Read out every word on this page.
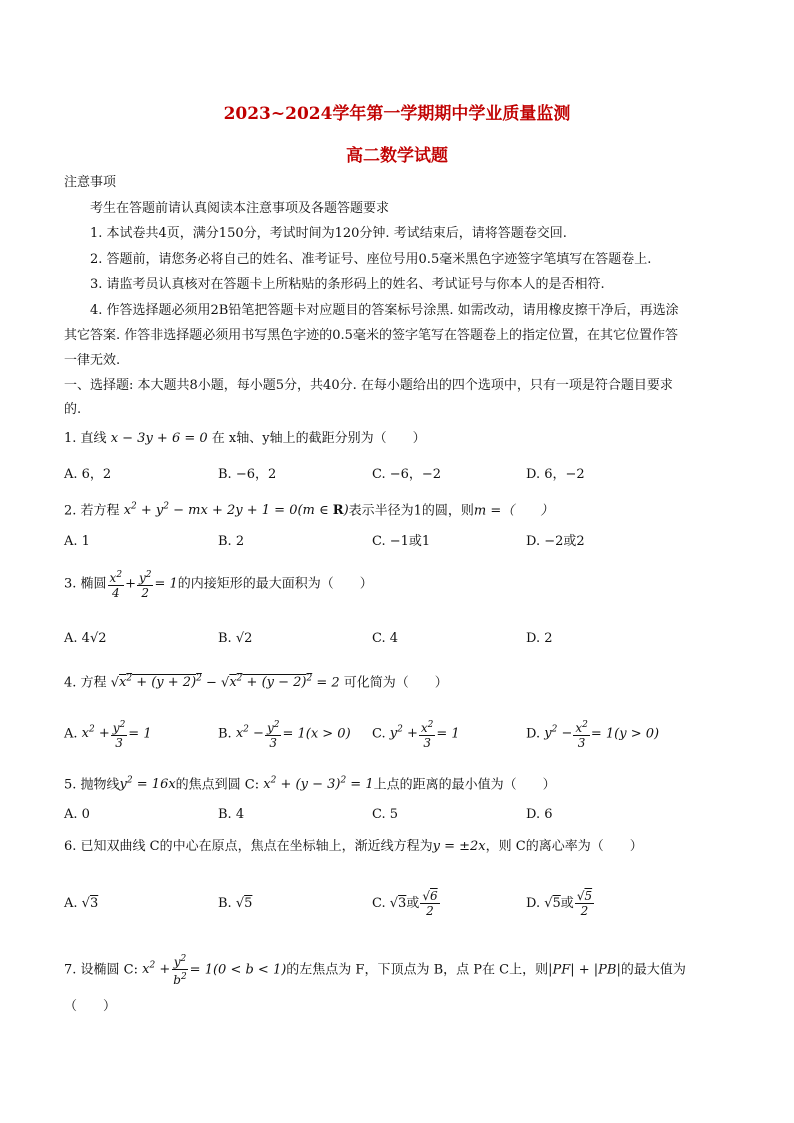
2023~2024学年第一学期期中学业质量监测
高二数学试题
注意事项
考生在答题前请认真阅读本注意事项及各题答题要求
1. 本试卷共4页，满分150分，考试时间为120分钟. 考试结束后，请将答题卷交回.
2. 答题前，请您务必将自己的姓名、准考证号、座位号用0.5毫米黑色字迹签字笔填写在答题卷上.
3. 请监考员认真核对在答题卡上所粘贴的条形码上的姓名、考试证号与你本人的是否相符.
4. 作答选择题必须用2B铅笔把答题卡对应题目的答案标号涂黑. 如需改动，请用橡皮擦干净后，再选涂
其它答案. 作答非选择题必须用书写黑色字迹的0.5毫米的签字笔写在答题卷上的指定位置，在其它位置作答
一律无效.
一、选择题: 本大题共8小题，每小题5分，共40分. 在每小题给出的四个选项中，只有一项是符合题目要求
的.
1. 直线 x − 3y + 6 = 0 在 x轴、y轴上的截距分别为（　　）
A. 6，2	B. −6，2	C. −6，−2	D. 6，−2
2. 若方程 $x^2 + y^2$ − mx + 2y + 1 = 0(m ∈ R)表示半径为1的圆，则m =（　　）
A. 1	B. 2	C. −1或1	D. −2或2
3. 椭圆 $\frac{x^2}{4} + \frac{y^2}{2} = 1$的内接矩形的最大面积为（　　）
A. 4√2	B. √2	C. 4	D. 2
4. 方程 $√x^2 + (y + 2)^2 - √x^2 + (y - 2)^2 = 2$ 可化简为（　　）
A. $x^2 + \frac{y^2}{3} = 1$	B. $x^2 - \frac{y^2}{3} = 1(x > 0)$ C. $y^2 + \frac{x^2}{3} = 1$	D. $y^2 - \frac{x^2}{3} = 1(y > 0)$
5. 抛物线$y^2 = 16x$的焦点到圆 C: $x^2 + (y - 3)^2 = 1$上点的距离的最小值为（　　）
A. 0	B. 4	C. 5	D. 6
6. 已知双曲线 C的中心在原点，焦点在坐标轴上，渐近线方程为y = ±2x，则 C的离心率为（　　）
A. √3	B. √5	C. √3或 $\frac{√6}{2}$	D. √5或 $\frac{√5}{2}$
7. 设椭圆 C: $x^2 + \frac{y^2}{b^2} = 1(0 < b < 1)$的左焦点为 F，下顶点为 B，点 P在 C上，则|PF| + |PB|的最大值为
（　　）
